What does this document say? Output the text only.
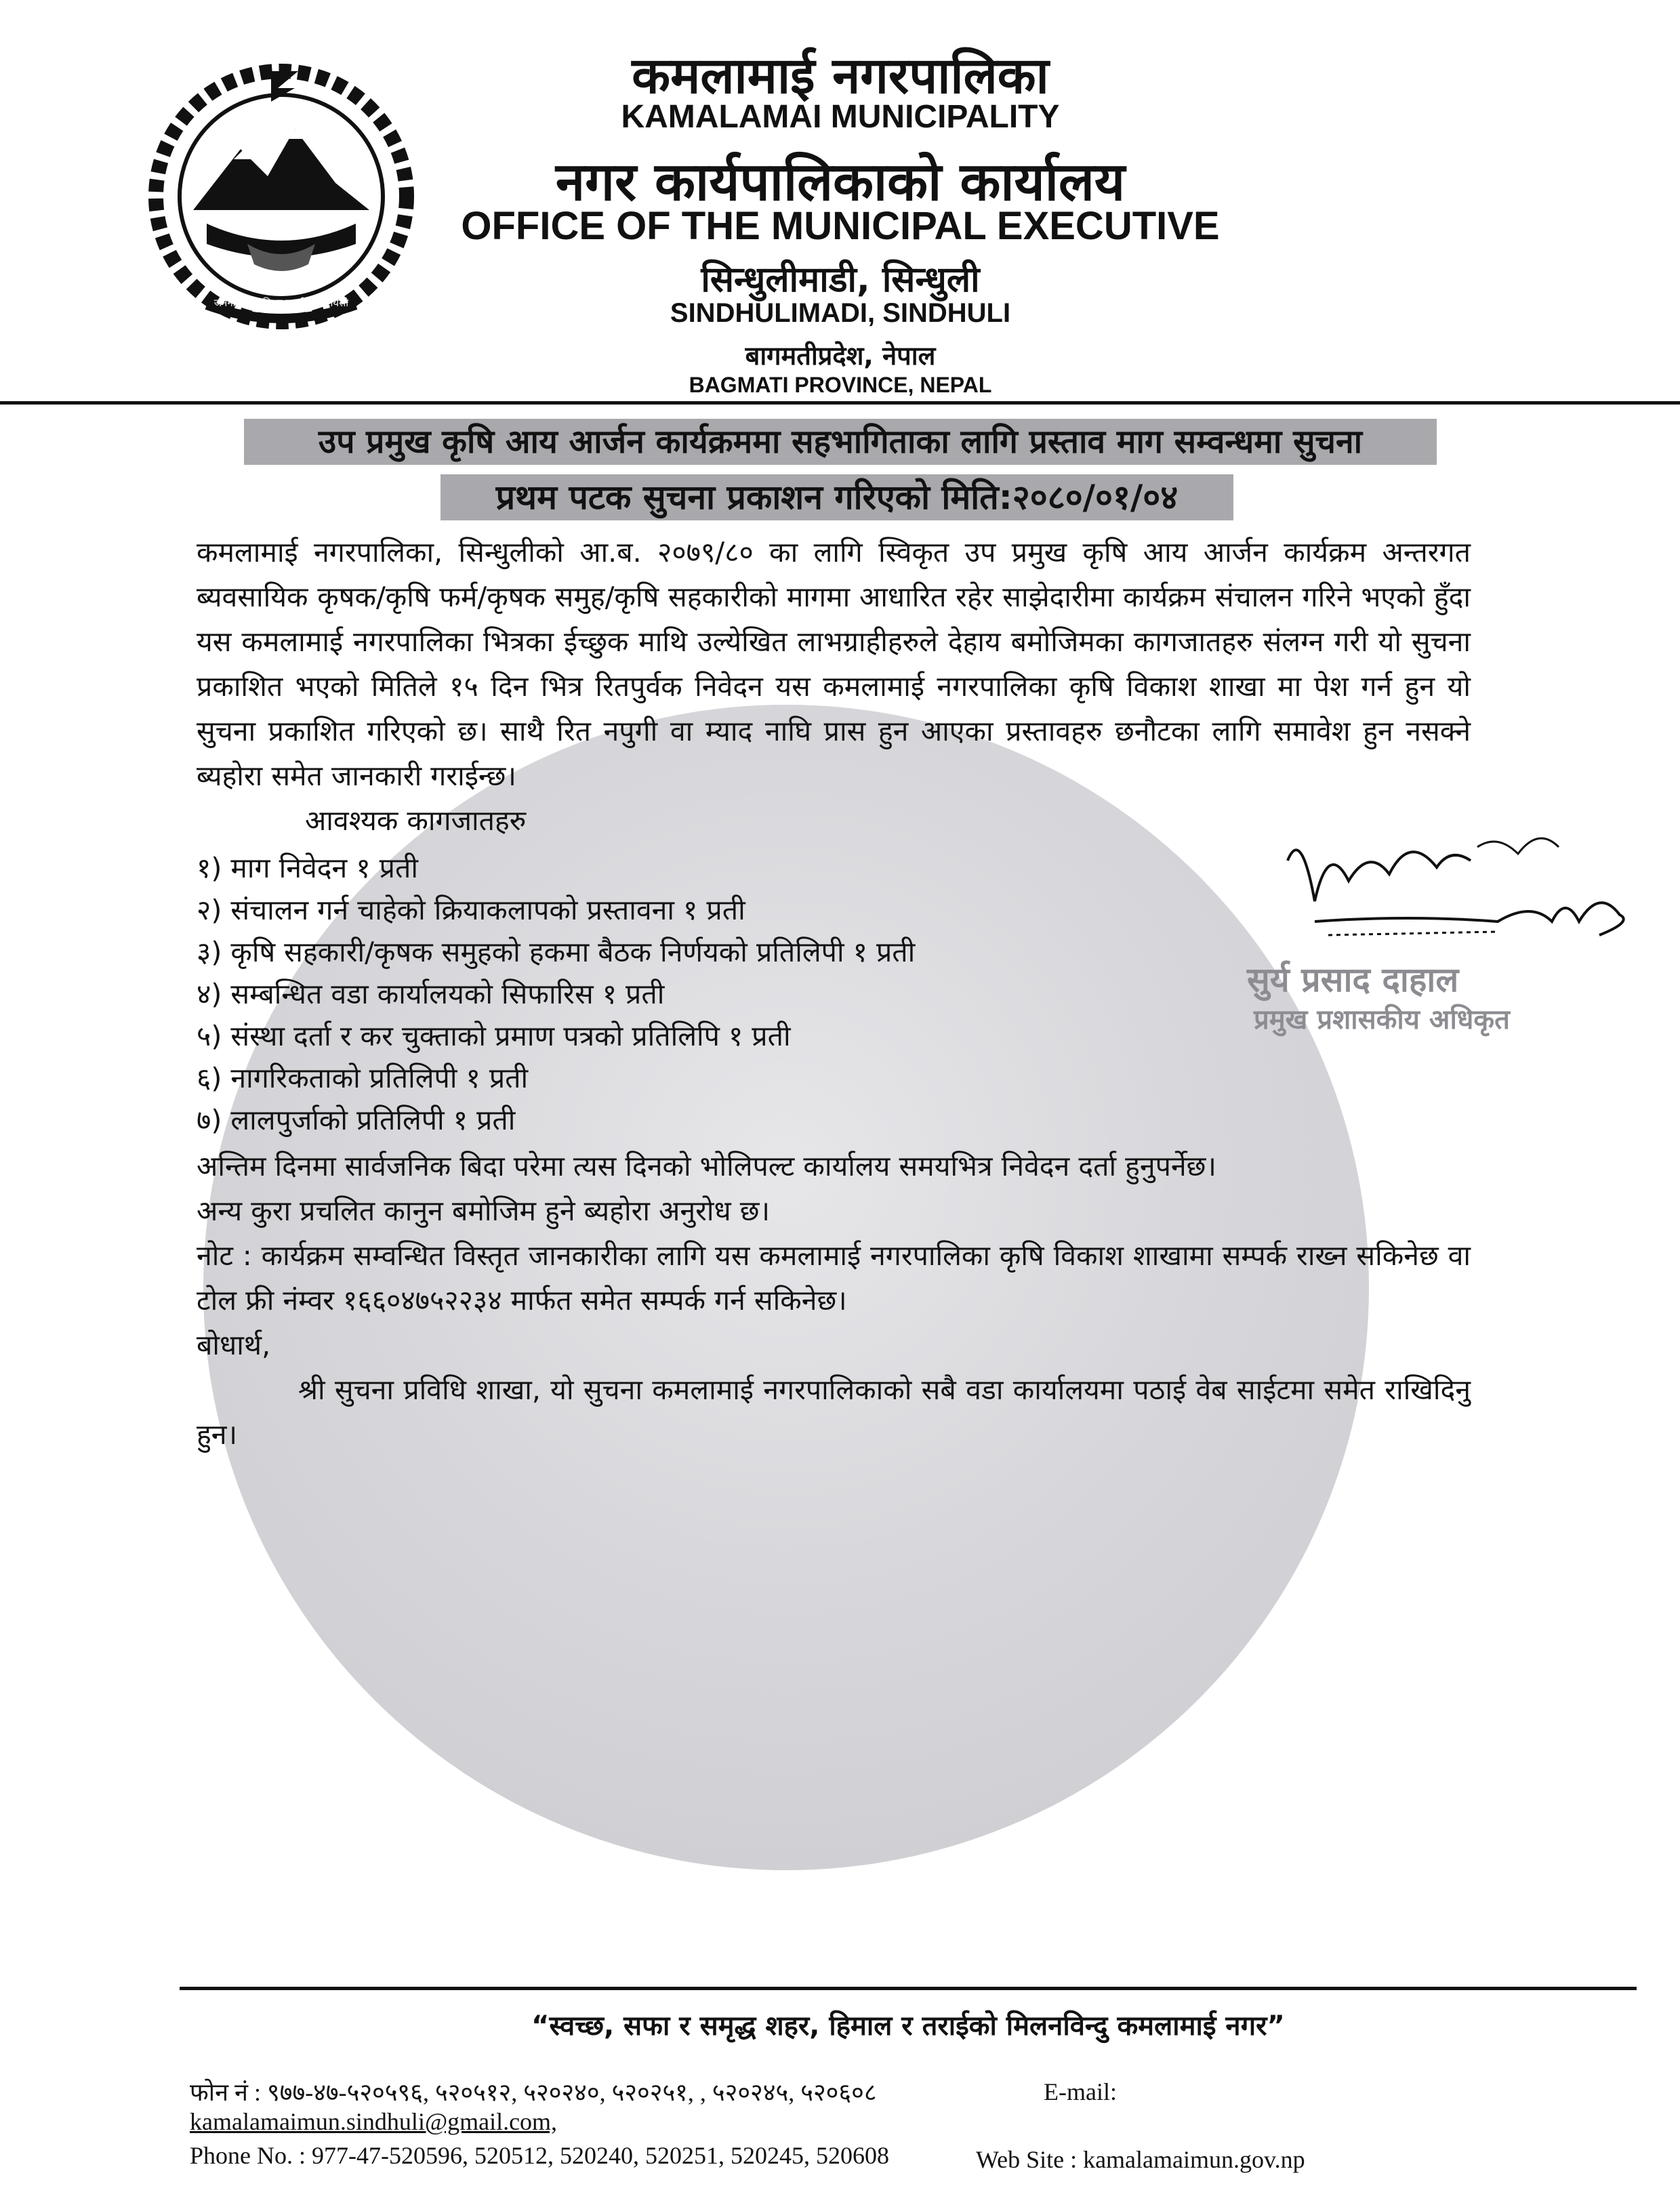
जननी जन्मभूमिश्च स्वर्गादपि गरीयसी
कमलामाई नगरपालिका
KAMALAMAI MUNICIPALITY
नगर कार्यपालिकाको कार्यालय
OFFICE OF THE MUNICIPAL EXECUTIVE
सिन्धुलीमाडी, सिन्धुली
SINDHULIMADI, SINDHULI
बागमतीप्रदेश, नेपाल
BAGMATI PROVINCE, NEPAL
उप प्रमुख कृषि आय आर्जन कार्यक्रममा सहभागिताका लागि प्रस्ताव माग सम्वन्धमा सुचना
प्रथम पटक सुचना प्रकाशन गरिएको मिति:२०८०/०१/०४

कमलामाई नगरपालिका, सिन्धुलीको आ.ब. २०७९/८० का लागि स्विकृत उप प्रमुख कृषि आय आर्जन कार्यक्रम अन्तरगत ब्यवसायिक कृषक/कृषि फर्म/कृषक समुह/कृषि सहकारीको मागमा आधारित रहेर साझेदारीमा कार्यक्रम संचालन गरिने भएको हुँदा यस कमलामाई नगरपालिका भित्रका ईच्छुक माथि उल्येखित लाभग्राहीहरुले देहाय बमोजिमका कागजातहरु संलग्न गरी यो सुचना प्रकाशित भएको मितिले १५ दिन भित्र रितपुर्वक निवेदन यस कमलामाई नगरपालिका कृषि विकाश शाखा मा पेश गर्न हुन यो सुचना प्रकाशित गरिएको छ। साथै रित नपुगी वा म्याद नाघि प्रास हुन आएका प्रस्तावहरु छनौटका लागि समावेश हुन नसक्ने ब्यहोरा समेत जानकारी गराईन्छ।

आवश्यक कागजातहरु

१) माग निवेदन १ प्रती
२) संचालन गर्न चाहेको क्रियाकलापको प्रस्तावना १ प्रती
३) कृषि सहकारी/कृषक समुहको हकमा बैठक निर्णयको प्रतिलिपी १ प्रती
४) सम्बन्धित वडा कार्यालयको सिफारिस १ प्रती
५) संस्था दर्ता र कर चुक्ताको प्रमाण पत्रको प्रतिलिपि १ प्रती
६) नागरिकताको प्रतिलिपी १ प्रती
७) लालपुर्जाको प्रतिलिपी १ प्रती

अन्तिम दिनमा सार्वजनिक बिदा परेमा त्यस दिनको भोलिपल्ट कार्यालय समयभित्र निवेदन दर्ता हुनुपर्नेछ।

अन्य कुरा प्रचलित कानुन बमोजिम हुने ब्यहोरा अनुरोध छ।

नोट : कार्यक्रम सम्वन्धित विस्तृत जानकारीका लागि यस कमलामाई नगरपालिका कृषि विकाश शाखामा सम्पर्क राख्न सकिनेछ वा टोल फ्री नंम्वर १६६०४७५२२३४ मार्फत समेत सम्पर्क गर्न सकिनेछ।

बोधार्थ,

श्री सुचना प्रविधि शाखा, यो सुचना कमलामाई नगरपालिकाको सबै वडा कार्यालयमा पठाई वेब साईटमा समेत राखिदिनु हुन।

सुर्य प्रसाद दाहाल
प्रमुख प्रशासकीय अधिकृत
“स्वच्छ, सफा र समृद्ध शहर, हिमाल र तराईको मिलनविन्दु कमलामाई नगर”
फोन नं : ९७७-४७-५२०५९६, ५२०५१२, ५२०२४०, ५२०२५१, , ५२०२४५, ५२०६०८	E-mail:
kamalamaimun.sindhuli@gmail.com,
Phone No. : 977-47-520596, 520512, 520240, 520251, 520245, 520608	Web Site : kamalamaimun.gov.np
